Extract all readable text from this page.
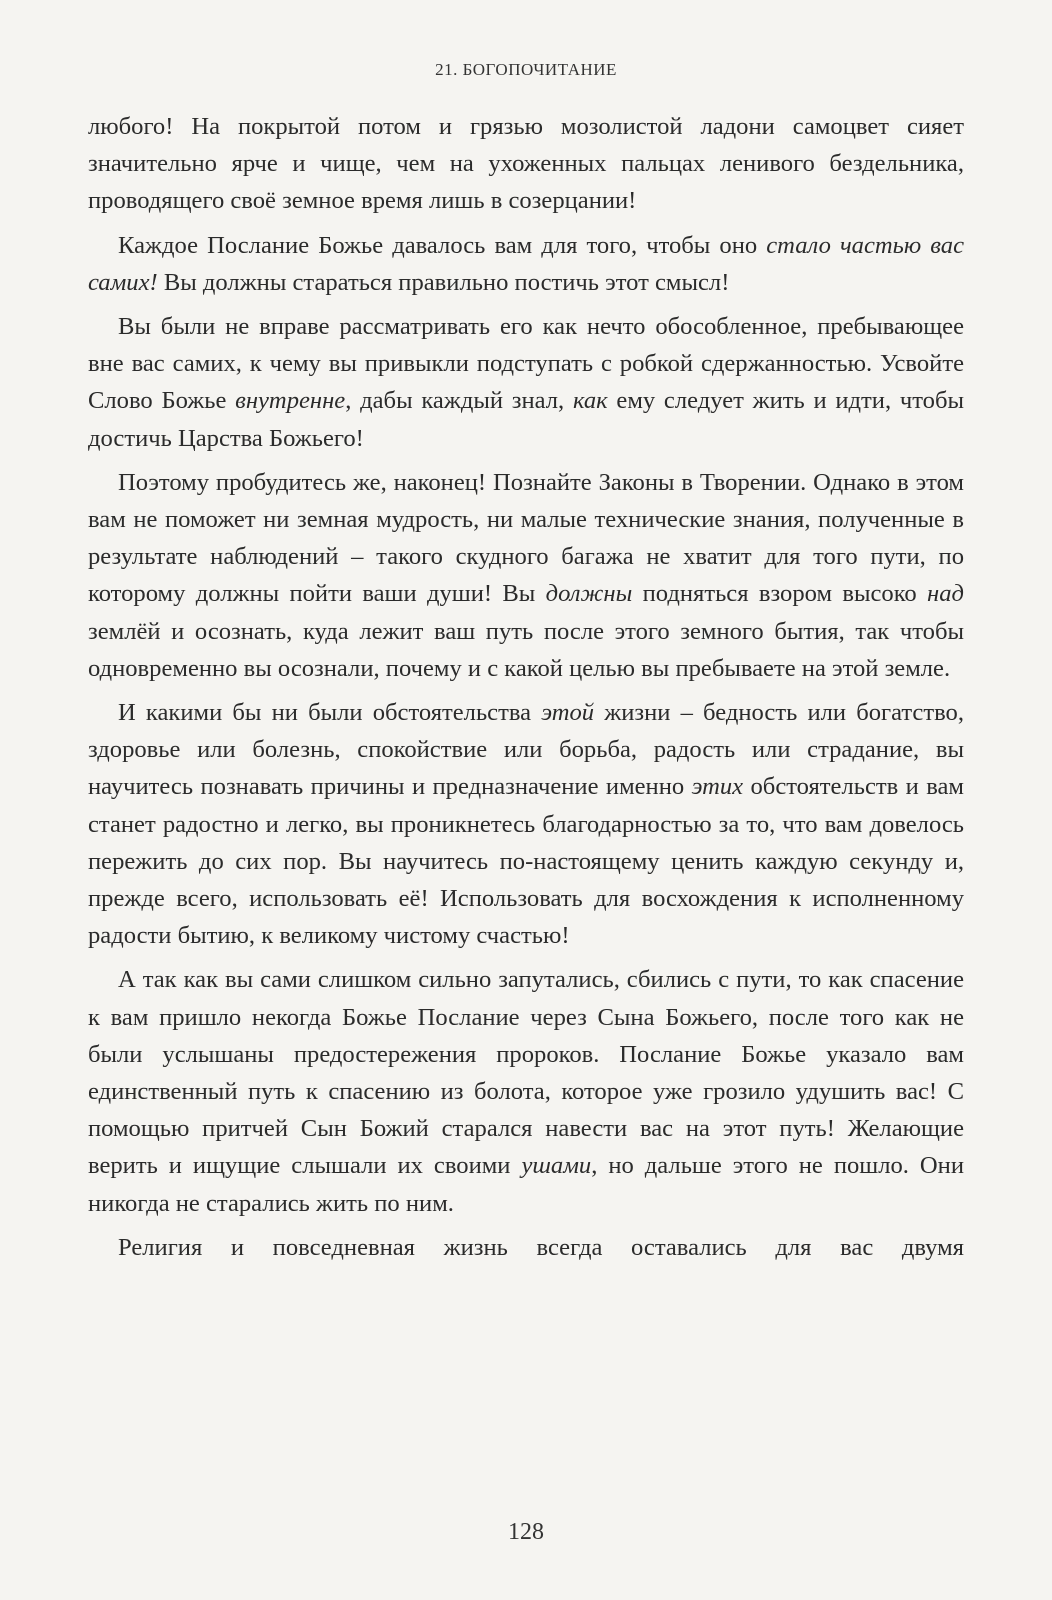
21. БОГОПОЧИТАНИЕ

любого! На покрытой потом и грязью мозолистой ладони самоцвет сияет значительно ярче и чище, чем на ухоженных пальцах ленивого бездельника, проводящего своё земное время лишь в созерцании!

Каждое Послание Божье давалось вам для того, чтобы оно стало частью вас самих! Вы должны стараться правильно постичь этот смысл!

Вы были не вправе рассматривать его как нечто обособленное, пребывающее вне вас самих, к чему вы привыкли подступать с робкой сдержанностью. Усвойте Слово Божье внутренне, дабы каждый знал, как ему следует жить и идти, чтобы достичь Царства Божьего!

Поэтому пробудитесь же, наконец! Познайте Законы в Творении. Однако в этом вам не поможет ни земная мудрость, ни малые технические знания, полученные в результате наблюдений – такого скудного багажа не хватит для того пути, по которому должны пойти ваши души! Вы должны подняться взором высоко над землёй и осознать, куда лежит ваш путь после этого земного бытия, так чтобы одновременно вы осознали, почему и с какой целью вы пребываете на этой земле.

И какими бы ни были обстоятельства этой жизни – бедность или богатство, здоровье или болезнь, спокойствие или борьба, радость или страдание, вы научитесь познавать причины и предназначение именно этих обстоятельств и вам станет радостно и легко, вы проникнетесь благодарностью за то, что вам довелось пережить до сих пор. Вы научитесь по-настоящему ценить каждую секунду и, прежде всего, использовать её! Использовать для восхождения к исполненному радости бытию, к великому чистому счастью!

А так как вы сами слишком сильно запутались, сбились с пути, то как спасение к вам пришло некогда Божье Послание через Сына Божьего, после того как не были услышаны предостережения пророков. Послание Божье указало вам единственный путь к спасению из болота, которое уже грозило удушить вас! С помощью притчей Сын Божий старался навести вас на этот путь! Желающие верить и ищущие слышали их своими ушами, но дальше этого не пошло. Они никогда не старались жить по ним.

Религия и повседневная жизнь всегда оставались для вас двумя

128
